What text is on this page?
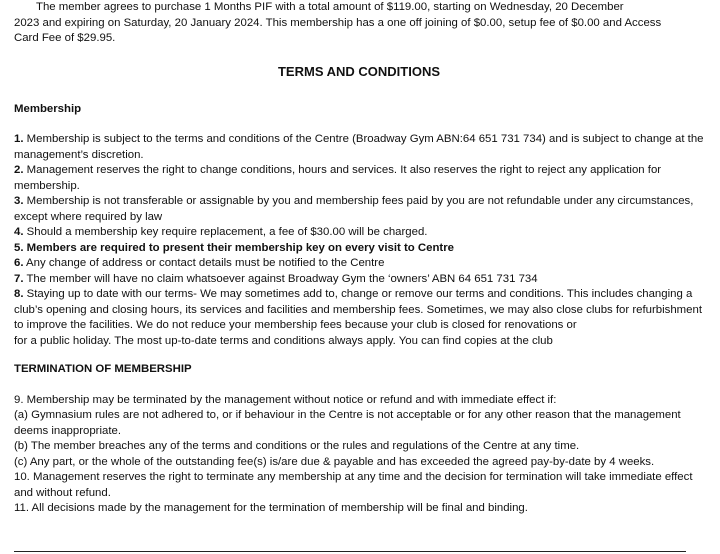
The member agrees to purchase 1 Months PIF with a total amount of $119.00, starting on Wednesday, 20 December
2023 and expiring on Saturday, 20 January 2024. This membership has a one off joining of $0.00, setup fee of $0.00 and Access
Card Fee of $29.95.
TERMS AND CONDITIONS
Membership
1. Membership is subject to the terms and conditions of the Centre (Broadway Gym ABN:64 651 731 734) and is subject to change at the management’s discretion.
2. Management reserves the right to change conditions, hours and services. It also reserves the right to reject any application for membership.
3. Membership is not transferable or assignable by you and membership fees paid by you are not refundable under any circumstances, except where required by law
4. Should a membership key require replacement, a fee of $30.00 will be charged.
5. Members are required to present their membership key on every visit to Centre
6. Any change of address or contact details must be notified to the Centre
7. The member will have no claim whatsoever against Broadway Gym the ‘owners’ ABN 64 651 731 734
8. Staying up to date with our terms- We may sometimes add to, change or remove our terms and conditions. This includes changing a club’s opening and closing hours, its services and facilities and membership fees. Sometimes, we may also close clubs for refurbishment to improve the facilities. We do not reduce your membership fees because your club is closed for renovations or
for a public holiday. The most up-to-date terms and conditions always apply. You can find copies at the club
TERMINATION OF MEMBERSHIP
9. Membership may be terminated by the management without notice or refund and with immediate effect if:
(a) Gymnasium rules are not adhered to, or if behaviour in the Centre is not acceptable or for any other reason that the management deems inappropriate.
(b) The member breaches any of the terms and conditions or the rules and regulations of the Centre at any time.
(c) Any part, or the whole of the outstanding fee(s) is/are due & payable and has exceeded the agreed pay-by-date by 4 weeks.
10. Management reserves the right to terminate any membership at any time and the decision for termination will take immediate effect and without refund.
11. All decisions made by the management for the termination of membership will be final and binding.
